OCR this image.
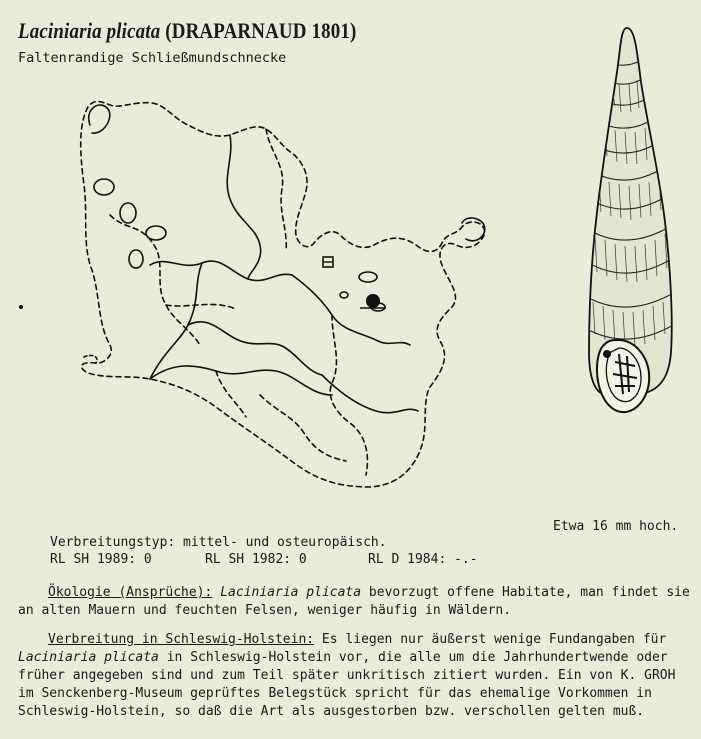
Laciniaria plicata (DRAPARNAUD 1801)
Faltenrandige Schließmundschnecke
Etwa 16 mm hoch.
Verbreitungstyp: mittel- und osteuropäisch.
RL SH 1989: 0	RL SH 1982: 0	RL D 1984: -.-
Ökologie (Ansprüche): Laciniaria plicata bevorzugt offene Habitate, man findet sie
an alten Mauern und feuchten Felsen, weniger häufig in Wäldern.
Verbreitung in Schleswig-Holstein: Es liegen nur äußerst wenige Fundangaben für
Laciniaria plicata in Schleswig-Holstein vor, die alle um die Jahrhundertwende oder
früher angegeben sind und zum Teil später unkritisch zitiert wurden. Ein von K. GROH
im Senckenberg-Museum geprüftes Belegstück spricht für das ehemalige Vorkommen in
Schleswig-Holstein, so daß die Art als ausgestorben bzw. verschollen gelten muß.
